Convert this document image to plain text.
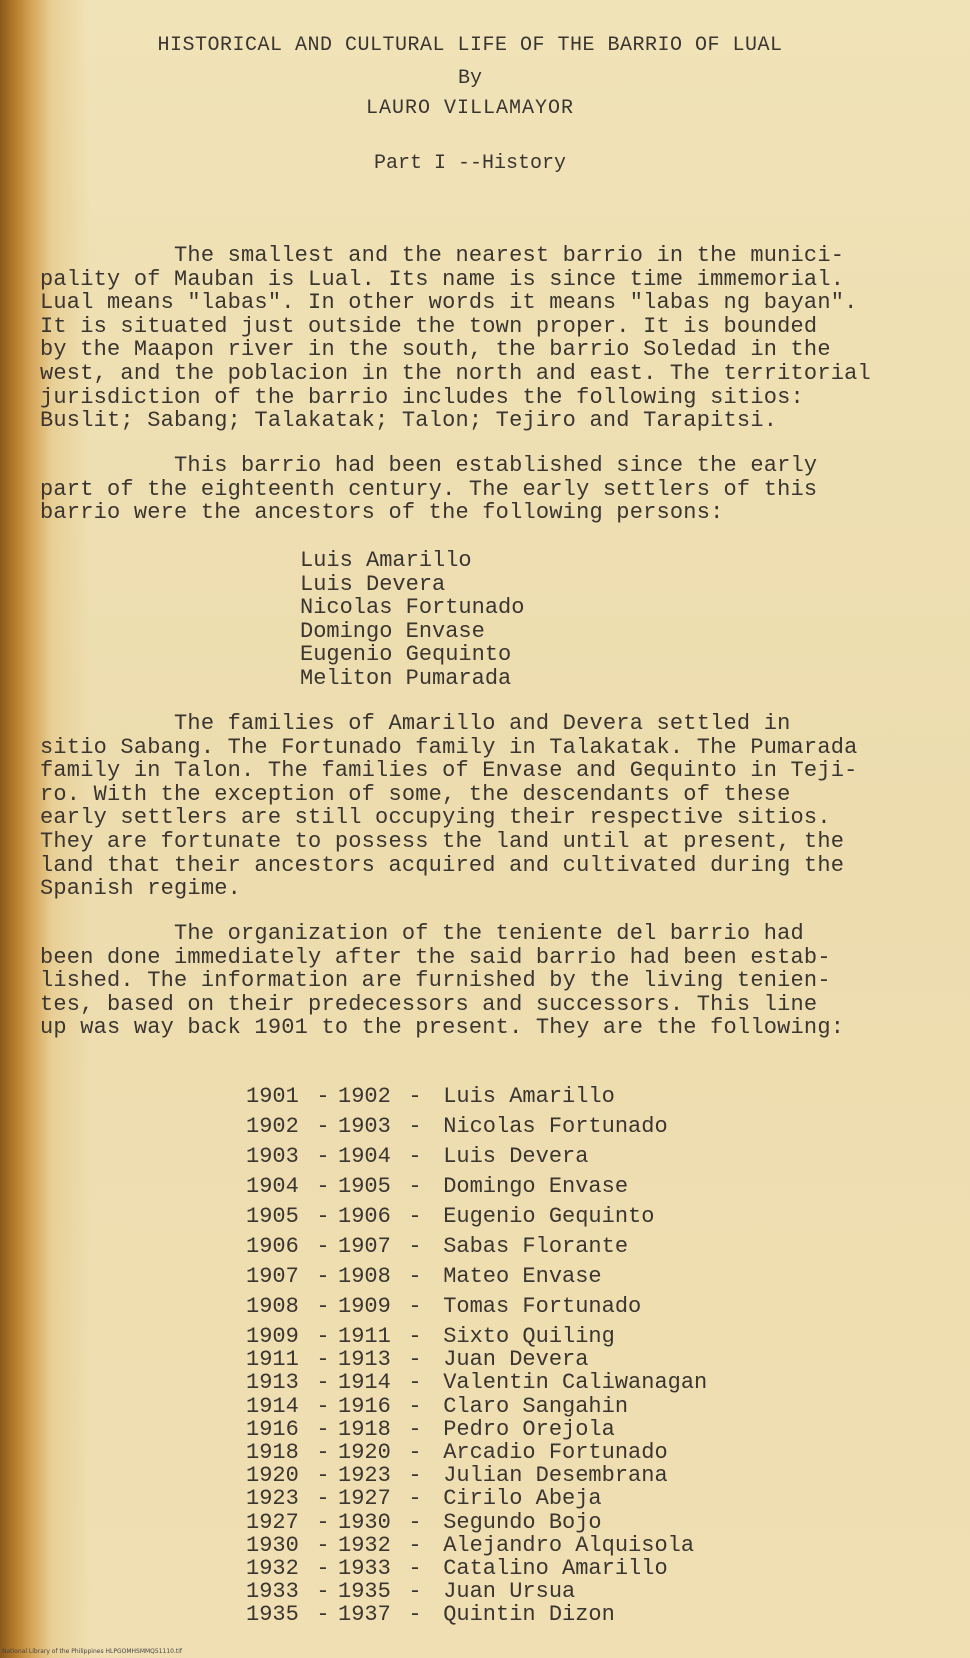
HISTORICAL AND CULTURAL LIFE OF THE BARRIO OF LUAL
By
LAURO VILLAMAYOR
Part I --History

The smallest and the nearest barrio in the munici-
pality of Mauban is Lual. Its name is since time immemorial.
Lual means "labas". In other words it means "labas ng bayan".
It is situated just outside the town proper. It is bounded
by the Maapon river in the south, the barrio Soledad in the
west, and the poblacion in the north and east. The territorial
jurisdiction of the barrio includes the following sitios:
Buslit; Sabang; Talakatak; Talon; Tejiro and Tarapitsi.

This barrio had been established since the early
part of the eighteenth century. The early settlers of this
barrio were the ancestors of the following persons:

Luis Amarillo
Luis Devera
Nicolas Fortunado
Domingo Envase
Eugenio Gequinto
Meliton Pumarada

The families of Amarillo and Devera settled in
sitio Sabang. The Fortunado family in Talakatak. The Pumarada
family in Talon. The families of Envase and Gequinto in Teji-
ro. With the exception of some, the descendants of these
early settlers are still occupying their respective sitios.
They are fortunate to possess the land until at present, the
land that their ancestors acquired and cultivated during the
Spanish regime.

The organization of the teniente del barrio had
been done immediately after the said barrio had been estab-
lished. The information are furnished by the living tenien-
tes, based on their predecessors and successors. This line
up was way back 1901 to the present. They are the following:

1901 - 1902 - Luis Amarillo
1902 - 1903 - Nicolas Fortunado
1903 - 1904 - Luis Devera
1904 - 1905 - Domingo Envase
1905 - 1906 - Eugenio Gequinto
1906 - 1907 - Sabas Florante
1907 - 1908 - Mateo Envase
1908 - 1909 - Tomas Fortunado
1909 - 1911 - Sixto Quiling
1911 - 1913 - Juan Devera
1913 - 1914 - Valentin Caliwanagan
1914 - 1916 - Claro Sangahin
1916 - 1918 - Pedro Orejola
1918 - 1920 - Arcadio Fortunado
1920 - 1923 - Julian Desembrana
1923 - 1927 - Cirilo Abeja
1927 - 1930 - Segundo Bojo
1930 - 1932 - Alejandro Alquisola
1932 - 1933 - Catalino Amarillo
1933 - 1935 - Juan Ursua
1935 - 1937 - Quintin Dizon
National Library of the Philippines HLPGOMHSMMQ51110.tif
